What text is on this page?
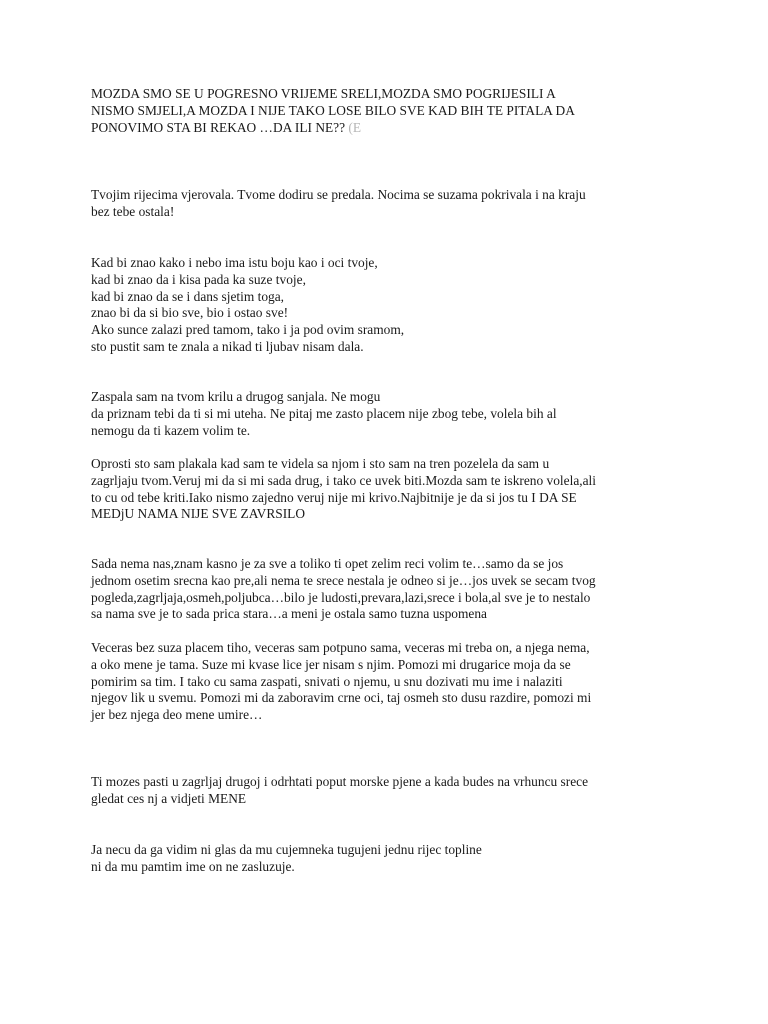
MOZDA SMO SE U POGRESNO VRIJEME SRELI,MOZDA SMO POGRIJESILI A
NISMO SMJELI,A MOZDA I NIJE TAKO LOSE BILO SVE KAD BIH TE PITALA DA
PONOVIMO STA BI REKAO …DA ILI NE?? (E
Tvojim rijecima vjerovala. Tvome dodiru se predala. Nocima se suzama pokrivala i na kraju
bez tebe ostala!
Kad bi znao kako i nebo ima istu boju kao i oci tvoje,
kad bi znao da i kisa pada ka suze tvoje,
kad bi znao da se i dans sjetim toga,
znao bi da si bio sve, bio i ostao sve!
Ako sunce zalazi pred tamom, tako i ja pod ovim sramom,
sto pustit sam te znala a nikad ti ljubav nisam dala.
Zaspala sam na tvom krilu a drugog sanjala. Ne mogu
da priznam tebi da ti si mi uteha. Ne pitaj me zasto placem nije zbog tebe, volela bih al
nemogu da ti kazem volim te.
Oprosti sto sam plakala kad sam te videla sa njom i sto sam na tren pozelela da sam u
zagrljaju tvom.Veruj mi da si mi sada drug, i tako ce uvek biti.Mozda sam te iskreno volela,ali
to cu od tebe kriti.Iako nismo zajedno veruj nije mi krivo.Najbitnije je da si jos tu I DA SE
MEDjU NAMA NIJE SVE ZAVRSILO
Sada nema nas,znam kasno je za sve a toliko ti opet zelim reci volim te…samo da se jos
jednom osetim srecna kao pre,ali nema te srece nestala je odneo si je…jos uvek se secam tvog
pogleda,zagrljaja,osmeh,poljubca…bilo je ludosti,prevara,lazi,srece i bola,al sve je to nestalo
sa nama sve je to sada prica stara…a meni je ostala samo tuzna uspomena
Veceras bez suza placem tiho, veceras sam potpuno sama, veceras mi treba on, a njega nema,
a oko mene je tama. Suze mi kvase lice jer nisam s njim. Pomozi mi drugarice moja da se
pomirim sa tim. I tako cu sama zaspati, snivati o njemu, u snu dozivati mu ime i nalaziti
njegov lik u svemu. Pomozi mi da zaboravim crne oci, taj osmeh sto dusu razdire, pomozi mi
jer bez njega deo mene umire…
Ti mozes pasti u zagrljaj drugoj i odrhtati poput morske pjene a kada budes na vrhuncu srece
gledat ces nj a vidjeti MENE
Ja necu da ga vidim ni glas da mu cujemneka tugujeni jednu rijec topline
ni da mu pamtim ime on ne zasluzuje.
